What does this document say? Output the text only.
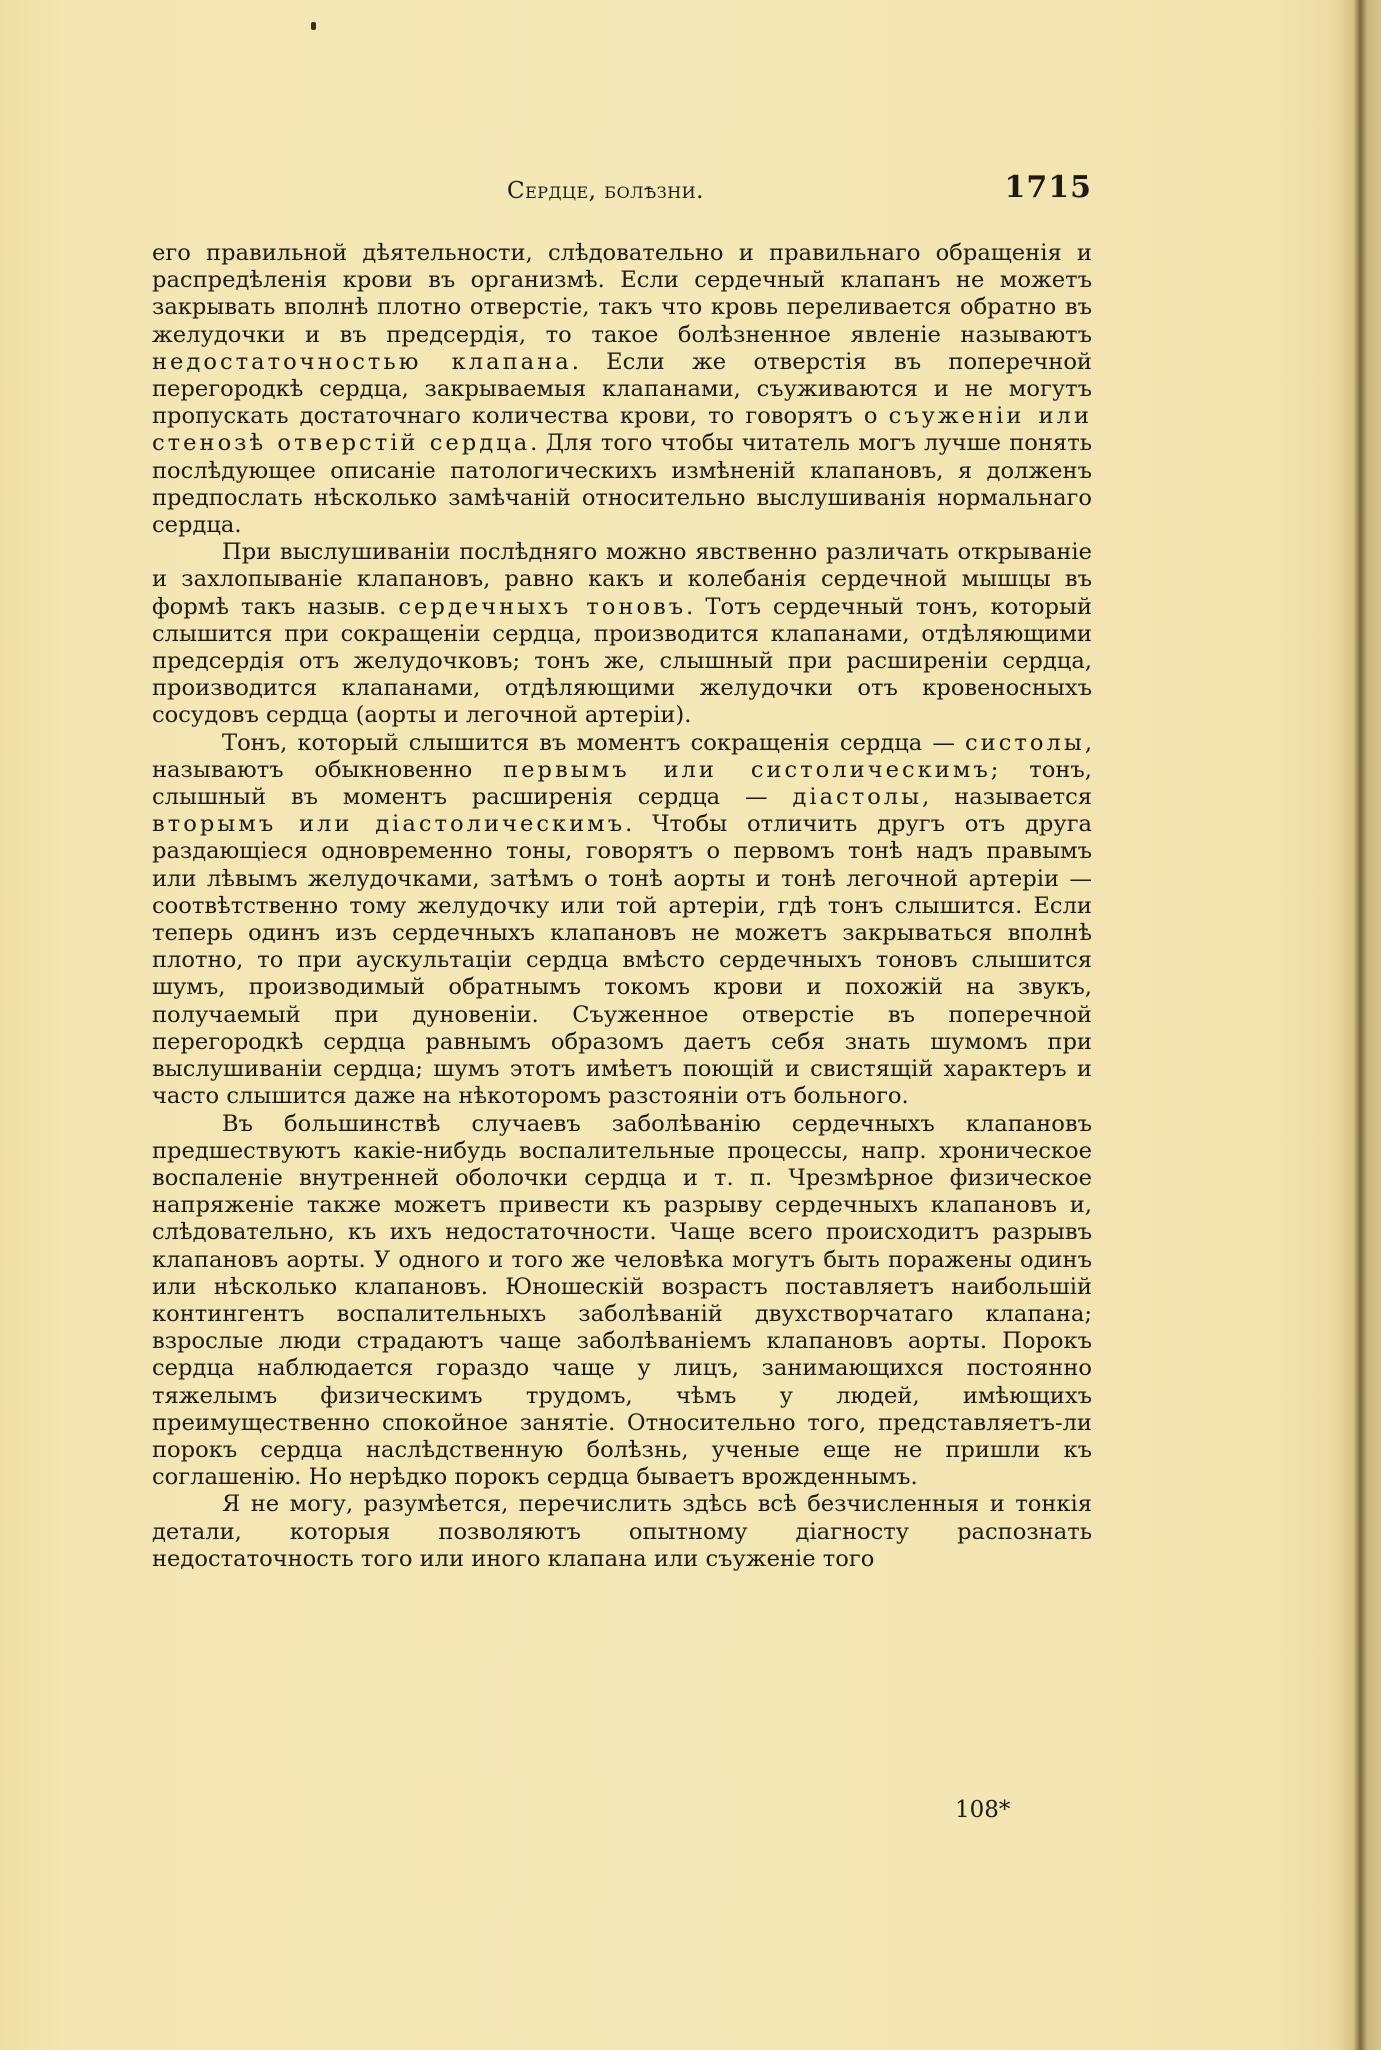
Сердце, болѣзни.	1715

его правильной дѣятельности, слѣдовательно и правильнаго обращенія и распредѣленія крови въ организмѣ. Если сердечный клапанъ не можетъ закрывать вполнѣ плотно отверстіе, такъ что кровь переливается обратно въ желудочки и въ предсердія, то такое болѣзненное явленіе называютъ недостаточностью клапана. Если же отверстія въ поперечной перегородкѣ сердца, закрываемыя клапанами, съуживаются и не могутъ пропускать достаточнаго количества крови, то говорятъ о съуженіи или стенозѣ отверстій сердца. Для того чтобы читатель могъ лучше понять послѣдующее описаніе патологическихъ измѣненій клапановъ, я долженъ предпослать нѣсколько замѣчаній относительно выслушиванія нормальнаго сердца.

При выслушиваніи послѣдняго можно явственно различать открываніе и захлопываніе клапановъ, равно какъ и колебанія сердечной мышцы въ формѣ такъ назыв. сердечныхъ тоновъ. Тотъ сердечный тонъ, который слышится при сокращеніи сердца, производится клапанами, отдѣляющими предсердія отъ желудочковъ; тонъ же, слышный при расширеніи сердца, производится клапанами, отдѣляющими желудочки отъ кровеносныхъ сосудовъ сердца (аорты и легочной артеріи).

Тонъ, который слышится въ моментъ сокращенія сердца — систолы, называютъ обыкновенно первымъ или систолическимъ; тонъ, слышный въ моментъ расширенія сердца — діастолы, называется вторымъ или діастолическимъ. Чтобы отличить другъ отъ друга раздающіеся одновременно тоны, говорятъ о первомъ тонѣ надъ правымъ или лѣвымъ желудочками, затѣмъ о тонѣ аорты и тонѣ легочной артеріи — соотвѣтственно тому желудочку или той артеріи, гдѣ тонъ слышится. Если теперь одинъ изъ сердечныхъ клапановъ не можетъ закрываться вполнѣ плотно, то при аускультаціи сердца вмѣсто сердечныхъ тоновъ слышится шумъ, производимый обратнымъ токомъ крови и похожій на звукъ, получаемый при дуновеніи. Съуженное отверстіе въ поперечной перегородкѣ сердца равнымъ образомъ даетъ себя знать шумомъ при выслушиваніи сердца; шумъ этотъ имѣетъ поющій и свистящій характеръ и часто слышится даже на нѣкоторомъ разстояніи отъ больного.

Въ большинствѣ случаевъ заболѣванію сердечныхъ клапановъ предшествуютъ какіе-нибудь воспалительные процессы, напр. хроническое воспаленіе внутренней оболочки сердца и т. п. Чрезмѣрное физическое напряженіе также можетъ привести къ разрыву сердечныхъ клапановъ и, слѣдовательно, къ ихъ недостаточности. Чаще всего происходитъ разрывъ клапановъ аорты. У одного и того же человѣка могутъ быть поражены одинъ или нѣсколько клапановъ. Юношескій возрастъ поставляетъ наибольшій контингентъ воспалительныхъ заболѣваній двухстворчатаго клапана; взрослые люди страдаютъ чаще заболѣваніемъ клапановъ аорты. Порокъ сердца наблюдается гораздо чаще у лицъ, занимающихся постоянно тяжелымъ физическимъ трудомъ, чѣмъ у людей, имѣющихъ преимущественно спокойное занятіе. Относительно того, представляетъ-ли порокъ сердца наслѣдственную болѣзнь, ученые еще не пришли къ соглашенію. Но нерѣдко порокъ сердца бываетъ врожденнымъ.

Я не могу, разумѣется, перечислить здѣсь всѣ безчисленныя и тонкія детали, которыя позволяютъ опытному діагносту распознать недостаточность того или иного клапана или съуженіе того

108*
